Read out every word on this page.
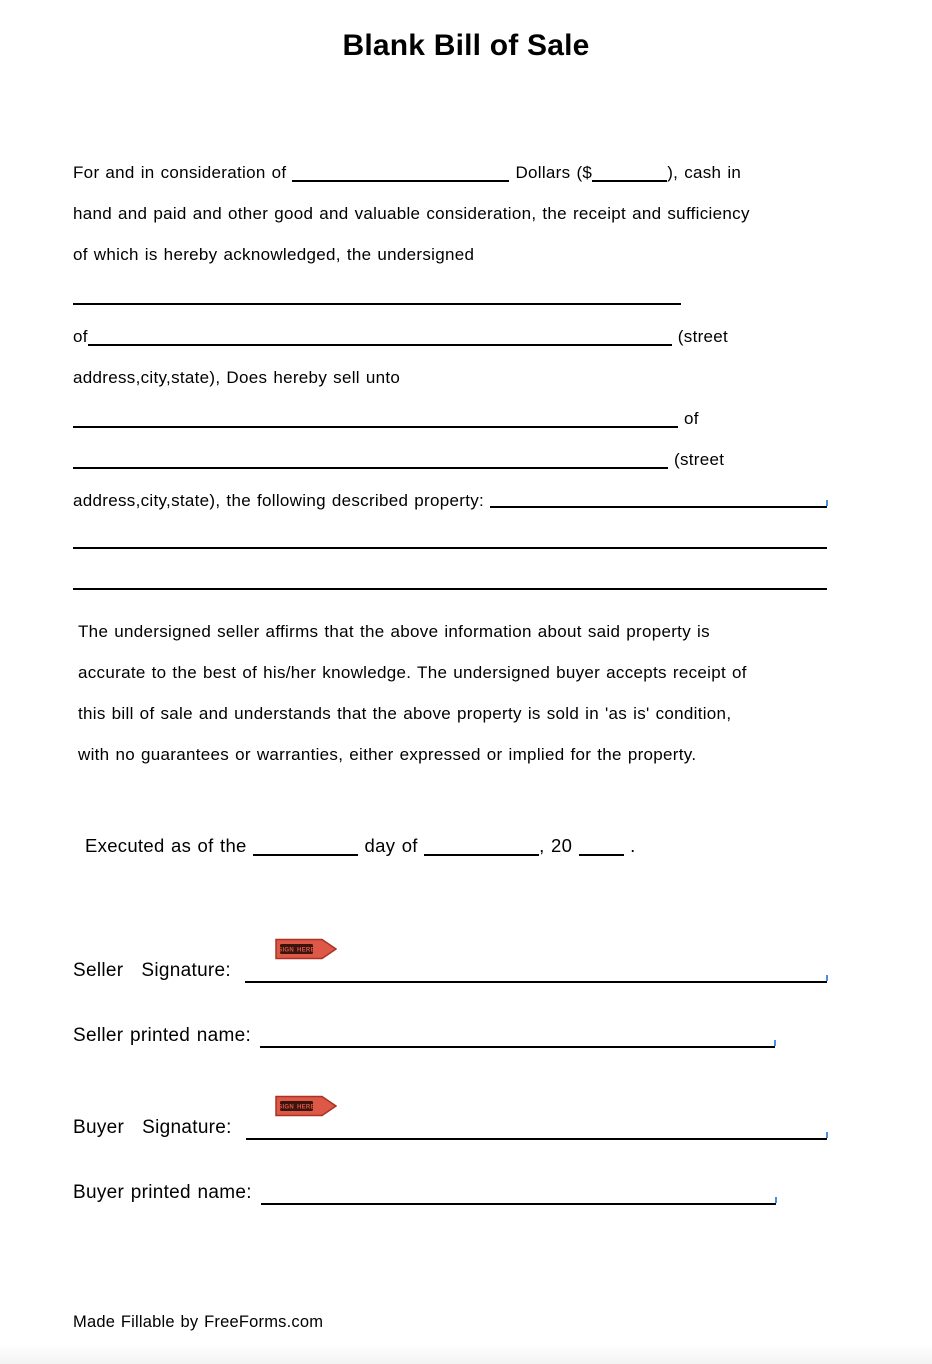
Blank Bill of Sale
For and in consideration of	Dollars ($	), cash in
hand and paid and other good and valuable consideration, the receipt and sufficiency
of which is hereby acknowledged, the undersigned
of	(street
address,city,state), Does hereby sell unto
of
(street
address,city,state), the following described property:
The undersigned seller affirms that the above information about said property is
accurate to the best of his/her knowledge. The undersigned buyer accepts receipt of
this bill of sale and understands that the above property is sold in 'as is' condition,
with no guarantees or warranties, either expressed or implied for the property.
Executed as of the	day of	, 20  .
SIGN HERE
Seller Signature:
Seller printed name:
SIGN HERE
Buyer Signature:
Buyer printed name:
Made Fillable by FreeForms.com
